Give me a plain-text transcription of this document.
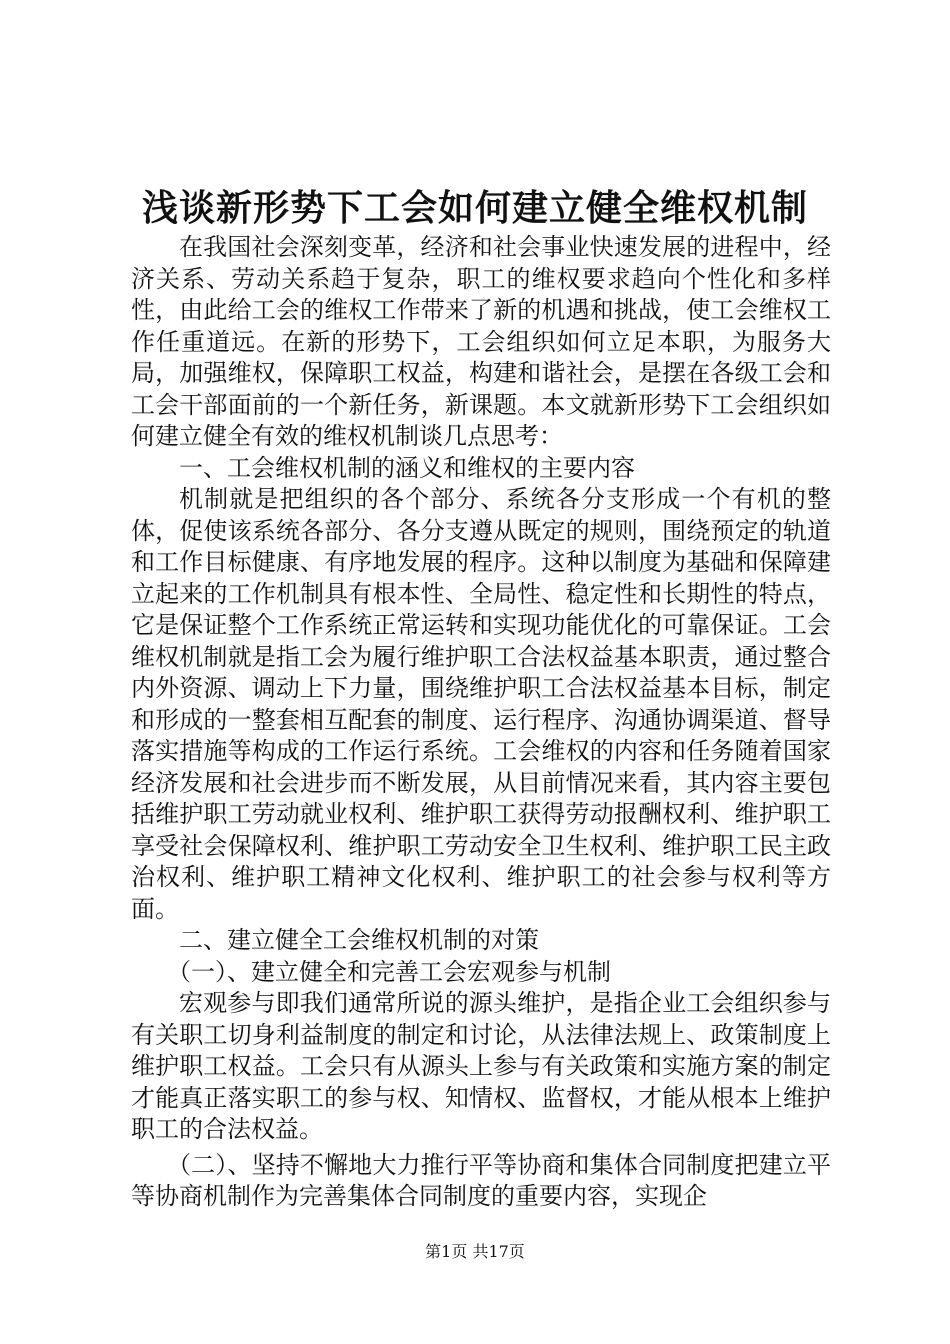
浅谈新形势下工会如何建立健全维权机制

在我国社会深刻变革，经济和社会事业快速发展的进程中，经济关系、劳动关系趋于复杂，职工的维权要求趋向个性化和多样性，由此给工会的维权工作带来了新的机遇和挑战，使工会维权工作任重道远。在新的形势下，工会组织如何立足本职，为服务大局，加强维权，保障职工权益，构建和谐社会，是摆在各级工会和工会干部面前的一个新任务，新课题。本文就新形势下工会组织如何建立健全有效的维权机制谈几点思考：

一、工会维权机制的涵义和维权的主要内容

机制就是把组织的各个部分、系统各分支形成一个有机的整体，促使该系统各部分、各分支遵从既定的规则，围绕预定的轨道和工作目标健康、有序地发展的程序。这种以制度为基础和保障建立起来的工作机制具有根本性、全局性、稳定性和长期性的特点，它是保证整个工作系统正常运转和实现功能优化的可靠保证。工会维权机制就是指工会为履行维护职工合法权益基本职责，通过整合内外资源、调动上下力量，围绕维护职工合法权益基本目标，制定和形成的一整套相互配套的制度、运行程序、沟通协调渠道、督导落实措施等构成的工作运行系统。工会维权的内容和任务随着国家经济发展和社会进步而不断发展，从目前情况来看，其内容主要包括维护职工劳动就业权利、维护职工获得劳动报酬权利、维护职工享受社会保障权利、维护职工劳动安全卫生权利、维护职工民主政治权利、维护职工精神文化权利、维护职工的社会参与权利等方面。

二、建立健全工会维权机制的对策

（一）、建立健全和完善工会宏观参与机制

宏观参与即我们通常所说的源头维护，是指企业工会组织参与有关职工切身利益制度的制定和讨论，从法律法规上、政策制度上维护职工权益。工会只有从源头上参与有关政策和实施方案的制定才能真正落实职工的参与权、知情权、监督权，才能从根本上维护职工的合法权益。

（二）、坚持不懈地大力推行平等协商和集体合同制度把建立平等协商机制作为完善集体合同制度的重要内容，实现企

第1页 共17页
